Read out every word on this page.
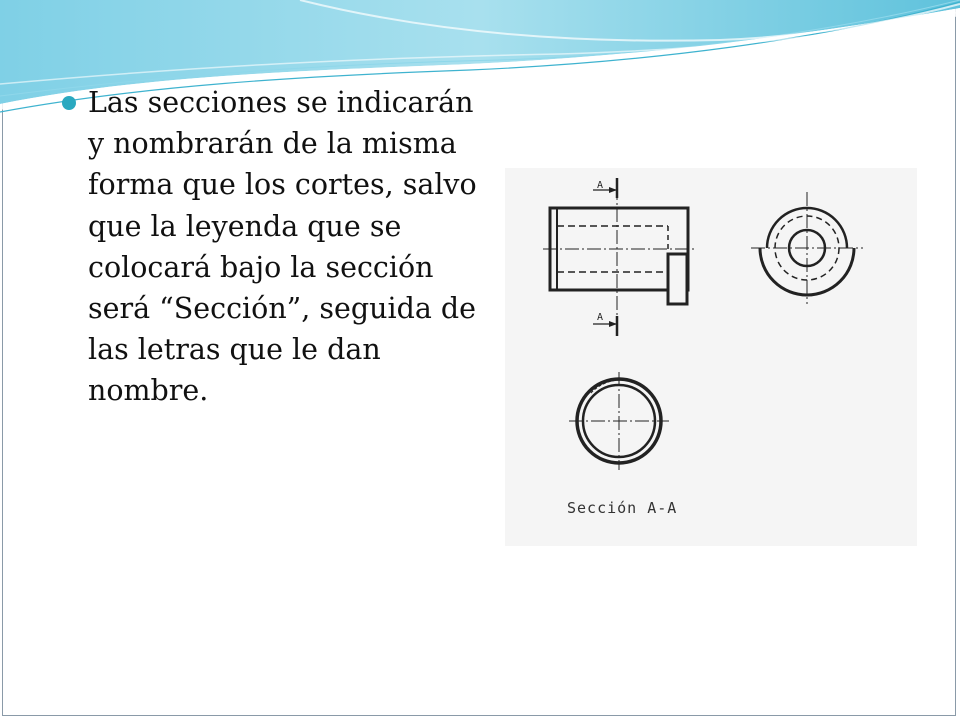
Las secciones se indicarán y nombrarán de la misma forma que los cortes, salvo que la leyenda que se colocará bajo la sección será “Sección”, seguida de las letras que le dan nombre.
A
A
Sección A-A
